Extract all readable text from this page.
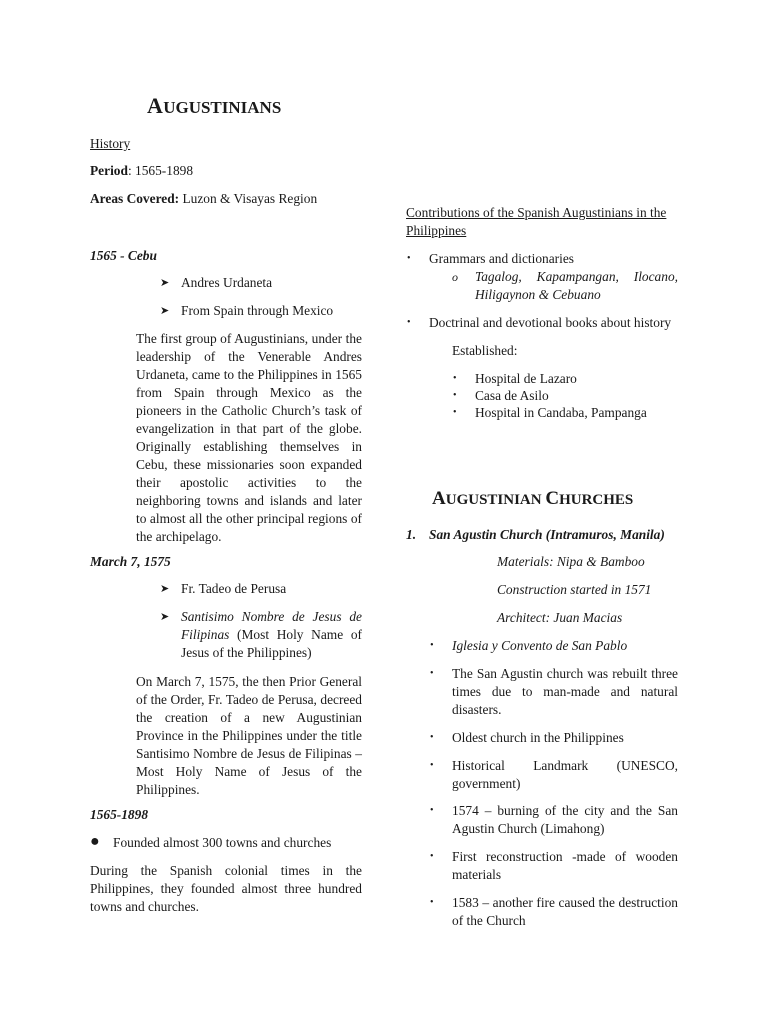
AUGUSTINIANS
History
Period: 1565-1898
Areas Covered: Luzon & Visayas Region
1565 - Cebu
➤ Andres Urdaneta
➤ From Spain through Mexico
The first group of Augustinians, under the leadership of the Venerable Andres Urdaneta, came to the Philippines in 1565 from Spain through Mexico as the pioneers in the Catholic Church’s task of evangelization in that part of the globe. Originally establishing themselves in Cebu, these missionaries soon expanded their apostolic activities to the neighboring towns and islands and later to almost all the other principal regions of the archipelago.
March 7, 1575
➤ Fr. Tadeo de Perusa
➤ Santisimo Nombre de Jesus de Filipinas (Most Holy Name of Jesus of the Philippines)
On March 7, 1575, the then Prior General of the Order, Fr. Tadeo de Perusa, decreed the creation of a new Augustinian Province in the Philippines under the title Santisimo Nombre de Jesus de Filipinas – Most Holy Name of Jesus of the Philippines.
1565-1898
● Founded almost 300 towns and churches
During the Spanish colonial times in the Philippines, they founded almost three hundred towns and churches.
Contributions of the Spanish Augustinians in the Philippines
• Grammars and dictionaries
o Tagalog, Kapampangan, Ilocano, Hiligaynon & Cebuano
• Doctrinal and devotional books about history
Established:
• Hospital de Lazaro
• Casa de Asilo
• Hospital in Candaba, Pampanga
AUGUSTINIAN CHURCHES
1. San Agustin Church (Intramuros, Manila)
Materials: Nipa & Bamboo
Construction started in 1571
Architect: Juan Macias
• Iglesia y Convento de San Pablo
• The San Agustin church was rebuilt three times due to man-made and natural disasters.
• Oldest church in the Philippines
• Historical Landmark (UNESCO, government)
• 1574 – burning of the city and the San Agustin Church (Limahong)
• First reconstruction -made of wooden materials
• 1583 – another fire caused the destruction of the Church
